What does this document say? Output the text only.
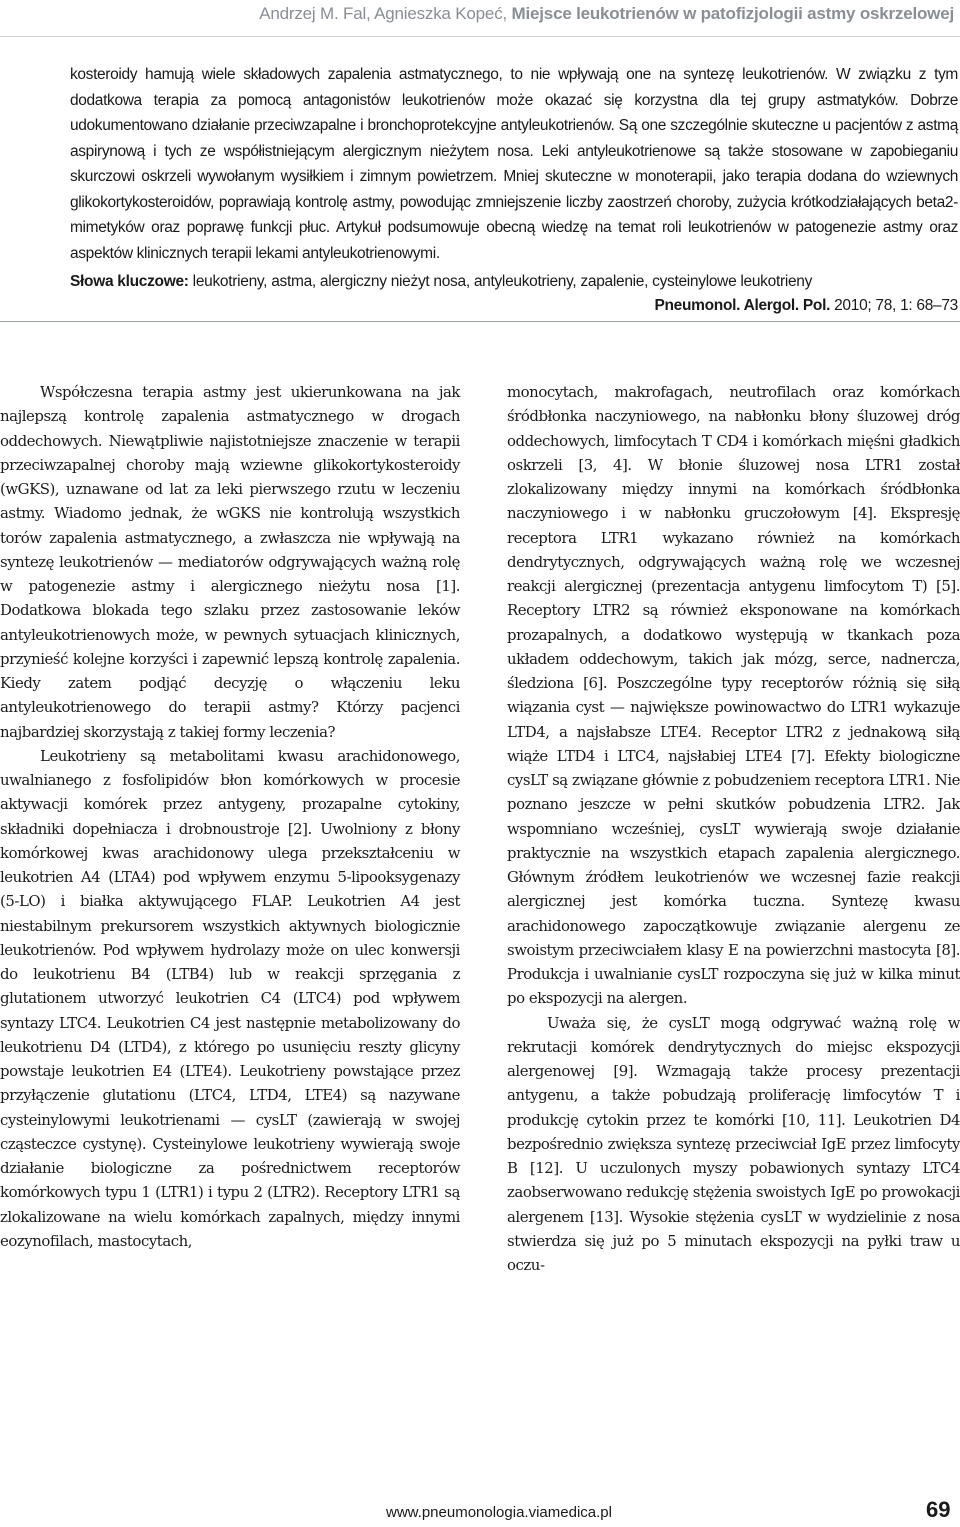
Andrzej M. Fal, Agnieszka Kopeć, Miejsce leukotrienów w patofizjologii astmy oskrzelowej
kosteroidy hamują wiele składowych zapalenia astmatycznego, to nie wpływają one na syntezę leukotrienów. W związku z tym dodatkowa terapia za pomocą antagonistów leukotrienów może okazać się korzystna dla tej grupy astmatyków. Dobrze udokumentowano działanie przeciwzapalne i bronchoprotekcyjne antyleukotrienów. Są one szczególnie skuteczne u pacjentów z astmą aspirynową i tych ze współistniejącym alergicznym nieżytem nosa. Leki antyleukotrienowe są także stosowane w zapobieganiu skurczowi oskrzeli wywołanym wysiłkiem i zimnym powietrzem. Mniej skuteczne w monoterapii, jako terapia dodana do wziewnych glikokortykosteroidów, poprawiają kontrolę astmy, powodując zmniejszenie liczby zaostrzeń choroby, zużycia krótkodziałających beta2-mimetyków oraz poprawę funkcji płuc. Artykuł podsumowuje obecną wiedzę na temat roli leukotrienów w patogenezie astmy oraz aspektów klinicznych terapii lekami antyleukotrienowymi.
Słowa kluczowe: leukotrieny, astma, alergiczny nieżyt nosa, antyleukotrieny, zapalenie, cysteinylowe leukotrieny
Pneumonol. Alergol. Pol. 2010; 78, 1: 68–73

Współczesna terapia astmy jest ukierunkowana na jak najlepszą kontrolę zapalenia astmatycznego w drogach oddechowych. Niewątpliwie najistotniejsze znaczenie w terapii przeciwzapalnej choroby mają wziewne glikokortykosteroidy (wGKS), uznawane od lat za leki pierwszego rzutu w leczeniu astmy. Wiadomo jednak, że wGKS nie kontrolują wszystkich torów zapalenia astmatycznego, a zwłaszcza nie wpływają na syntezę leukotrienów — mediatorów odgrywających ważną rolę w patogenezie astmy i alergicznego nieżytu nosa [1]. Dodatkowa blokada tego szlaku przez zastosowanie leków antyleukotrienowych może, w pewnych sytuacjach klinicznych, przynieść kolejne korzyści i zapewnić lepszą kontrolę zapalenia. Kiedy zatem podjąć decyzję o włączeniu leku antyleukotrienowego do terapii astmy? Którzy pacjenci najbardziej skorzystają z takiej formy leczenia?

Leukotrieny są metabolitami kwasu arachidonowego, uwalnianego z fosfolipidów błon komórkowych w procesie aktywacji komórek przez antygeny, prozapalne cytokiny, składniki dopełniacza i drobnoustroje [2]. Uwolniony z błony komórkowej kwas arachidonowy ulega przekształceniu w leukotrien A4 (LTA4) pod wpływem enzymu 5-lipooksygenazy (5-LO) i białka aktywującego FLAP. Leukotrien A4 jest niestabilnym prekursorem wszystkich aktywnych biologicznie leukotrienów. Pod wpływem hydrolazy może on ulec konwersji do leukotrienu B4 (LTB4) lub w reakcji sprzęgania z glutationem utworzyć leukotrien C4 (LTC4) pod wpływem syntazy LTC4. Leukotrien C4 jest następnie metabolizowany do leukotrienu D4 (LTD4), z którego po usunięciu reszty glicyny powstaje leukotrien E4 (LTE4). Leukotrieny powstające przez przyłączenie glutationu (LTC4, LTD4, LTE4) są nazywane cysteinylowymi leukotrienami — cysLT (zawierają w swojej cząsteczce cystynę). Cysteinylowe leukotrieny wywierają swoje działanie biologiczne za pośrednictwem receptorów komórkowych typu 1 (LTR1) i typu 2 (LTR2). Receptory LTR1 są zlokalizowane na wielu komórkach zapalnych, między innymi eozynofilach, mastocytach,

monocytach, makrofagach, neutrofilach oraz komórkach śródbłonka naczyniowego, na nabłonku błony śluzowej dróg oddechowych, limfocytach T CD4 i komórkach mięśni gładkich oskrzeli [3, 4]. W błonie śluzowej nosa LTR1 został zlokalizowany między innymi na komórkach śródbłonka naczyniowego i w nabłonku gruczołowym [4]. Ekspresję receptora LTR1 wykazano również na komórkach dendrytycznych, odgrywających ważną rolę we wczesnej reakcji alergicznej (prezentacja antygenu limfocytom T) [5]. Receptory LTR2 są również eksponowane na komórkach prozapalnych, a dodatkowo występują w tkankach poza układem oddechowym, takich jak mózg, serce, nadnercza, śledziona [6]. Poszczególne typy receptorów różnią się siłą wiązania cyst — największe powinowactwo do LTR1 wykazuje LTD4, a najsłabsze LTE4. Receptor LTR2 z jednakową siłą wiąże LTD4 i LTC4, najsłabiej LTE4 [7]. Efekty biologiczne cysLT są związane głównie z pobudzeniem receptora LTR1. Nie poznano jeszcze w pełni skutków pobudzenia LTR2. Jak wspomniano wcześniej, cysLT wywierają swoje działanie praktycznie na wszystkich etapach zapalenia alergicznego. Głównym źródłem leukotrienów we wczesnej fazie reakcji alergicznej jest komórka tuczna. Syntezę kwasu arachidonowego zapoczątkowuje związanie alergenu ze swoistym przeciwciałem klasy E na powierzchni mastocyta [8]. Produkcja i uwalnianie cysLT rozpoczyna się już w kilka minut po ekspozycji na alergen.

Uważa się, że cysLT mogą odgrywać ważną rolę w rekrutacji komórek dendrytycznych do miejsc ekspozycji alergenowej [9]. Wzmagają także procesy prezentacji antygenu, a także pobudzają proliferację limfocytów T i produkcję cytokin przez te komórki [10, 11]. Leukotrien D4 bezpośrednio zwiększa syntezę przeciwciał IgE przez limfocyty B [12]. U uczulonych myszy pobawionych syntazy LTC4 zaobserwowano redukcję stężenia swoistych IgE po prowokacji alergenem [13]. Wysokie stężenia cysLT w wydzielinie z nosa stwierdza się już po 5 minutach ekspozycji na pyłki traw u oczu-

www.pneumonologia.viamedica.pl	69
